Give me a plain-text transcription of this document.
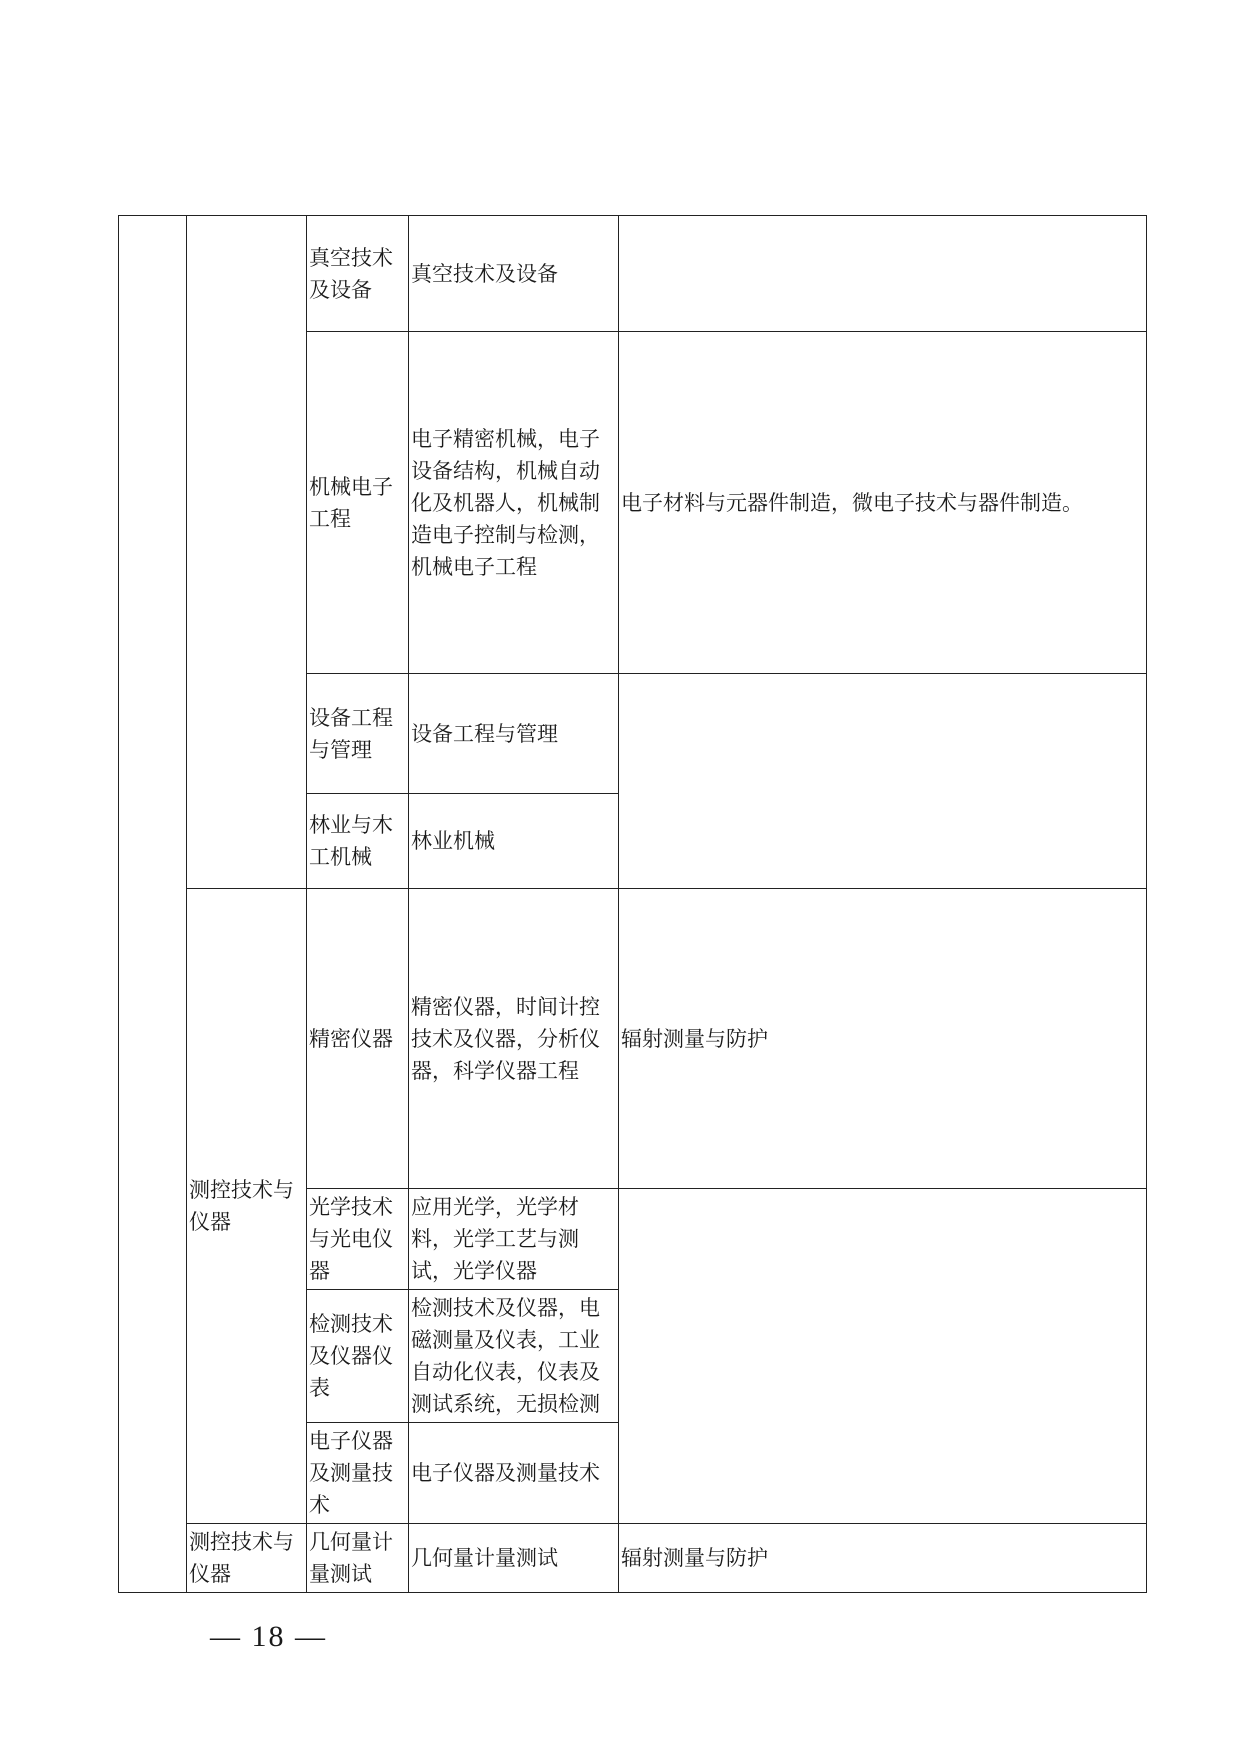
		真空技术及设备	真空技术及设备	
		机械电子工程	电子精密机械，电子设备结构，机械自动化及机器人，机械制造电子控制与检测，机械电子工程	电子材料与元器件制造，微电子技术与器件制造。
		设备工程与管理	设备工程与管理	
		林业与木工机械	林业机械	
	测控技术与仪器	精密仪器	精密仪器，时间计控技术及仪器，分析仪器，科学仪器工程	辐射测量与防护
		光学技术与光电仪器	应用光学，光学材料，光学工艺与测试，光学仪器	
		检测技术及仪器仪表	检测技术及仪器，电磁测量及仪表，工业自动化仪表，仪表及测试系统，无损检测	
		电子仪器及测量技术	电子仪器及测量技术	
	测控技术与仪器	几何量计量测试	几何量计量测试	辐射测量与防护
— 18 —
